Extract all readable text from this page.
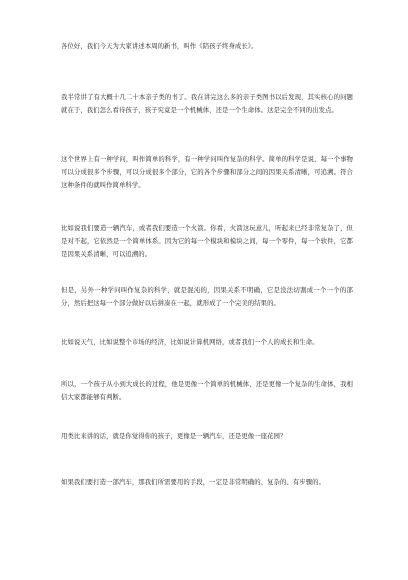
各位好，我们今天为大家讲述本周的新书，叫作《陪孩子终身成长》。

我半常讲了有大概十几二十本亲子类的书了。我在讲完这么多的亲子类图书以后发现，其实核心的问题就在于，我们怎么看待孩子，孩子究竟是一个机械体，还是一个生命体。这是完全不同的出发点。

这个世界上有一种学问，叫作简单的科学，有一种学问叫作复杂的科学。简单的科学是说，每一个事物可以分成很多个步骤，可以分成很多个部分，它的各个步骤和部分之间的因果关系清晰，可追溯。符合这种条件的就叫作简单科学。

比如说我们要造一辆汽车，或者我们要造一个火箭。你看，火箭这玩意儿，听起来已经非常复杂了，但是对不起，它依然是一个简单体系。因为它的每一个模块和模块之间，每一个零件，每一个软件，它都是因果关系清晰，可以追溯的。

但是，另外一种学问叫作复杂的科学，就是混沌的，因果关系不明确，它是没法切割成一个一个的部分，然后把这每一个部分做好以后拼凑在一起，就形成了一个完美的结果的。

比如说天气，比如说整个市场的经济，比如说计算机网络，或者我们一个人的成长和生命。

所以，一个孩子从小到大成长的过程，他是更像一个简单的机械体，还是更像一个复杂的生命体，我相信大家都能够有判断。

用类比来讲的话，就是你觉得你的孩子，更像是一辆汽车，还是更像一座花园？

如果我们要打造一部汽车，那我们所需要用的手段，一定是非常明确的、复杂的、有步骤的。
